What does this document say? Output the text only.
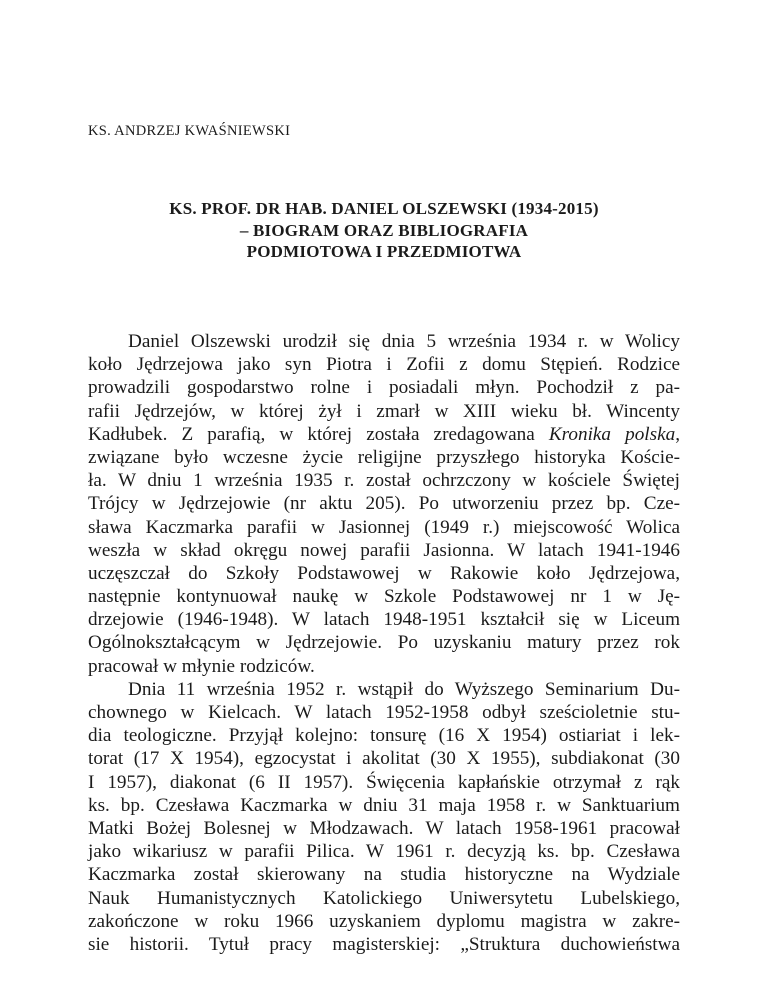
KS. ANDRZEJ KWAŚNIEWSKI
KS. PROF. DR HAB. DANIEL OLSZEWSKI (1934-2015)
– BIOGRAM ORAZ BIBLIOGRAFIA
PODMIOTOWA I PRZEDMIOTWA
Daniel Olszewski urodził się dnia 5 września 1934 r. w Wolicy
koło Jędrzejowa jako syn Piotra i Zofii z domu Stępień. Rodzice
prowadzili gospodarstwo rolne i posiadali młyn. Pochodził z pa-
rafii Jędrzejów, w której żył i zmarł w XIII wieku bł. Wincenty
Kadłubek. Z parafią, w której została zredagowana Kronika polska,
związane było wczesne życie religijne przyszłego historyka Koście-
ła. W dniu 1 września 1935 r. został ochrzczony w kościele Świętej
Trójcy w Jędrzejowie (nr aktu 205). Po utworzeniu przez bp. Cze-
sława Kaczmarka parafii w Jasionnej (1949 r.) miejscowość Wolica
weszła w skład okręgu nowej parafii Jasionna. W latach 1941-1946
uczęszczał do Szkoły Podstawowej w Rakowie koło Jędrzejowa,
następnie kontynuował naukę w Szkole Podstawowej nr 1 w Ję-
drzejowie (1946-1948). W latach 1948-1951 kształcił się w Liceum
Ogólnokształcącym w Jędrzejowie. Po uzyskaniu matury przez rok
pracował w młynie rodziców.
Dnia 11 września 1952 r. wstąpił do Wyższego Seminarium Du-
chownego w Kielcach. W latach 1952-1958 odbył sześcioletnie stu-
dia teologiczne. Przyjął kolejno: tonsurę (16 X 1954) ostiariat i lek-
torat (17 X 1954), egzocystat i akolitat (30 X 1955), subdiakonat (30
I 1957), diakonat (6 II 1957). Święcenia kapłańskie otrzymał z rąk
ks. bp. Czesława Kaczmarka w dniu 31 maja 1958 r. w Sanktuarium
Matki Bożej Bolesnej w Młodzawach. W latach 1958-1961 pracował
jako wikariusz w parafii Pilica. W 1961 r. decyzją ks. bp. Czesława
Kaczmarka został skierowany na studia historyczne na Wydziale
Nauk Humanistycznych Katolickiego Uniwersytetu Lubelskiego,
zakończone w roku 1966 uzyskaniem dyplomu magistra w zakre-
sie historii. Tytuł pracy magisterskiej: „Struktura duchowieństwa
